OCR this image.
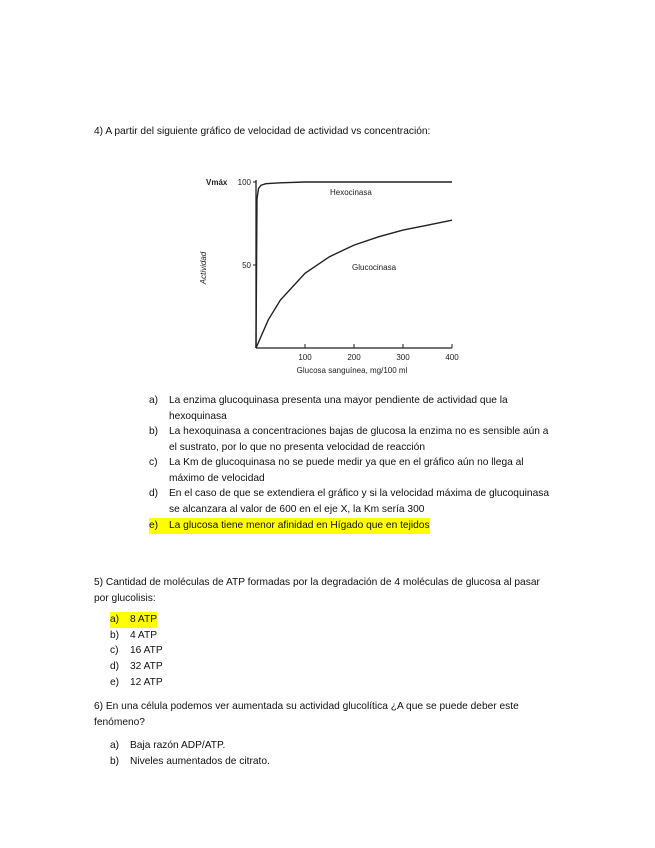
4) A partir del siguiente gráfico de velocidad de actividad vs concentración:
100	200	300	400
50
100
Vmáx
Hexocinasa
Glucocinasa
Actividad
Glucosa sanguínea, mg/100 ml
a)	La enzima glucoquinasa presenta una mayor pendiente de actividad que la
hexoquinasa
b)	La hexoquinasa a concentraciones bajas de glucosa la enzima no es sensible aún a
el sustrato, por lo que no presenta velocidad de reacción
c)	La Km de glucoquinasa no se puede medir ya que en el gráfico aún no llega al
máximo de velocidad
d)	En el caso de que se extendiera el gráfico y si la velocidad máxima de glucoquinasa
se alcanzara al valor de 600 en el eje X, la Km sería 300
e)	La glucosa tiene menor afinidad en Hígado que en tejidos
5) Cantidad de moléculas de ATP formadas por la degradación de 4 moléculas de glucosa al pasar
por glucolisis:
a)	8 ATP
b)	4 ATP
c)	16 ATP
d)	32 ATP
e)	12 ATP
6) En una célula podemos ver aumentada su actividad glucolítica ¿A que se puede deber este
fenómeno?
a)	Baja razón ADP/ATP.
b)	Niveles aumentados de citrato.
